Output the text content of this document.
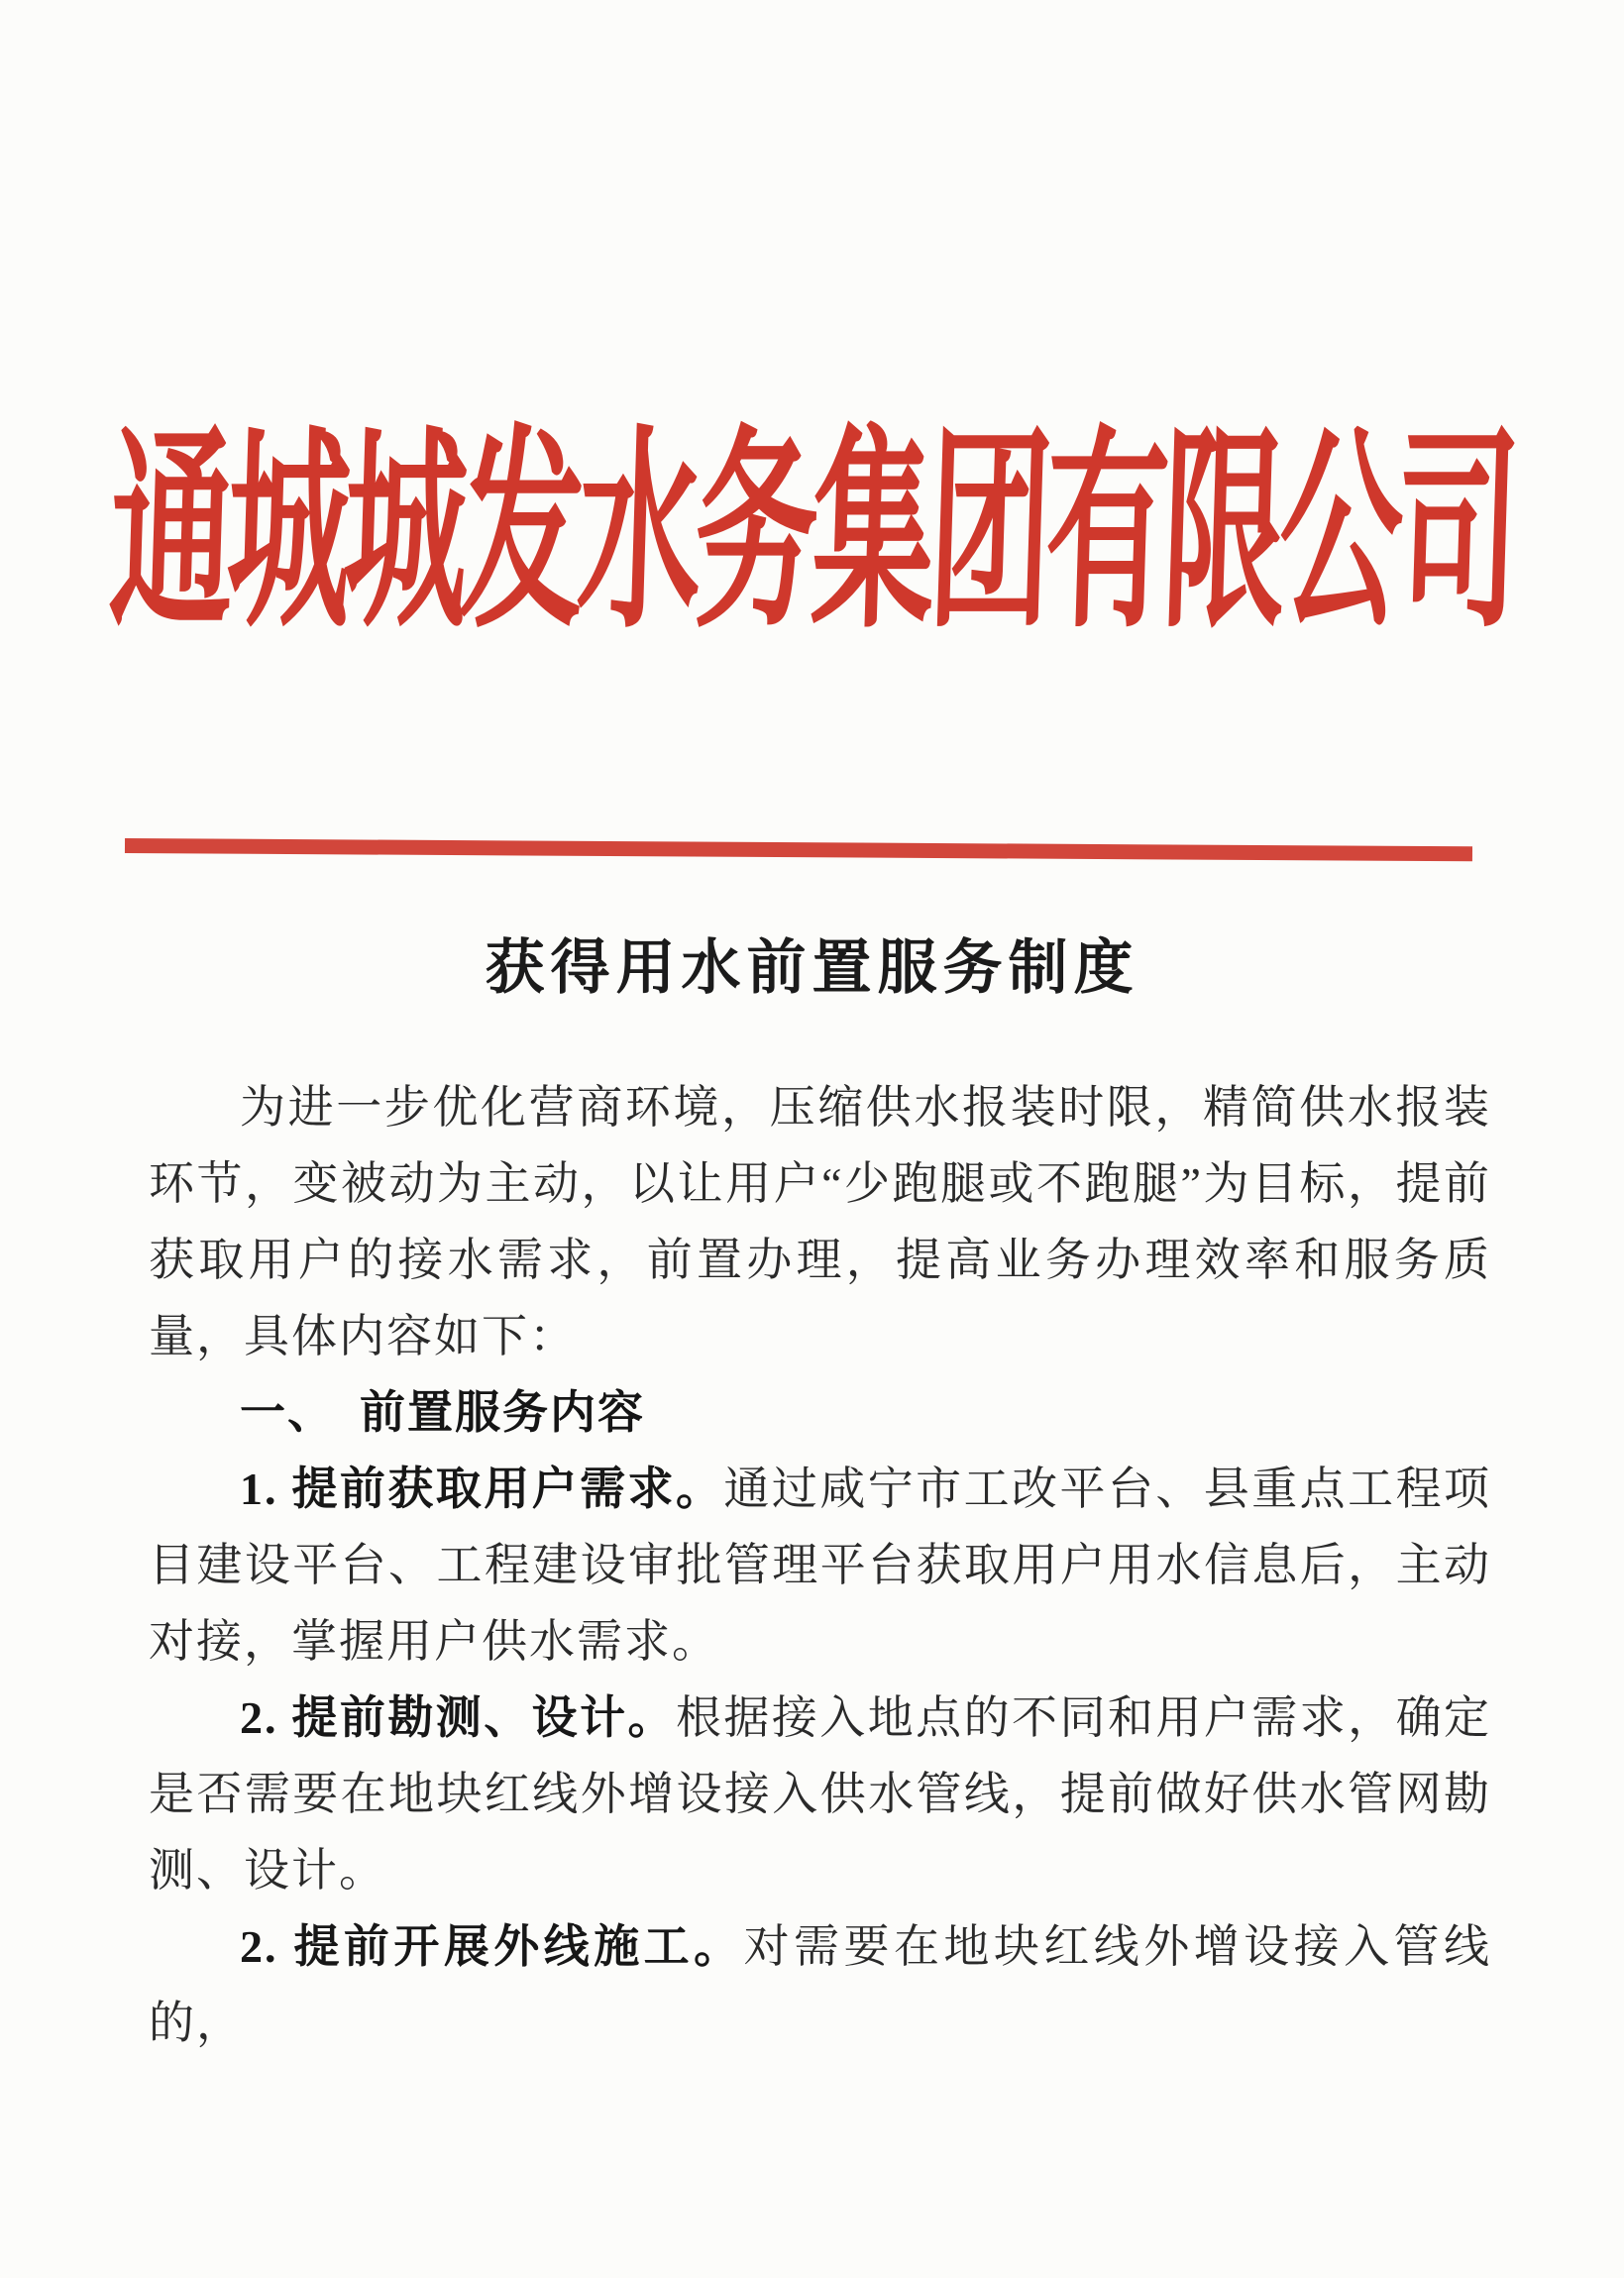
通城城发水务集团有限公司
获得用水前置服务制度

为进一步优化营商环境，压缩供水报装时限，精简供水报装环节，变被动为主动，以让用户“少跑腿或不跑腿”为目标，提前获取用户的接水需求，前置办理，提高业务办理效率和服务质量，具体内容如下：

一、　前置服务内容

1. 提前获取用户需求。通过咸宁市工改平台、县重点工程项目建设平台、工程建设审批管理平台获取用户用水信息后，主动对接，掌握用户供水需求。

2. 提前勘测、设计。根据接入地点的不同和用户需求，确定是否需要在地块红线外增设接入供水管线，提前做好供水管网勘测、设计。

2. 提前开展外线施工。对需要在地块红线外增设接入管线的，
